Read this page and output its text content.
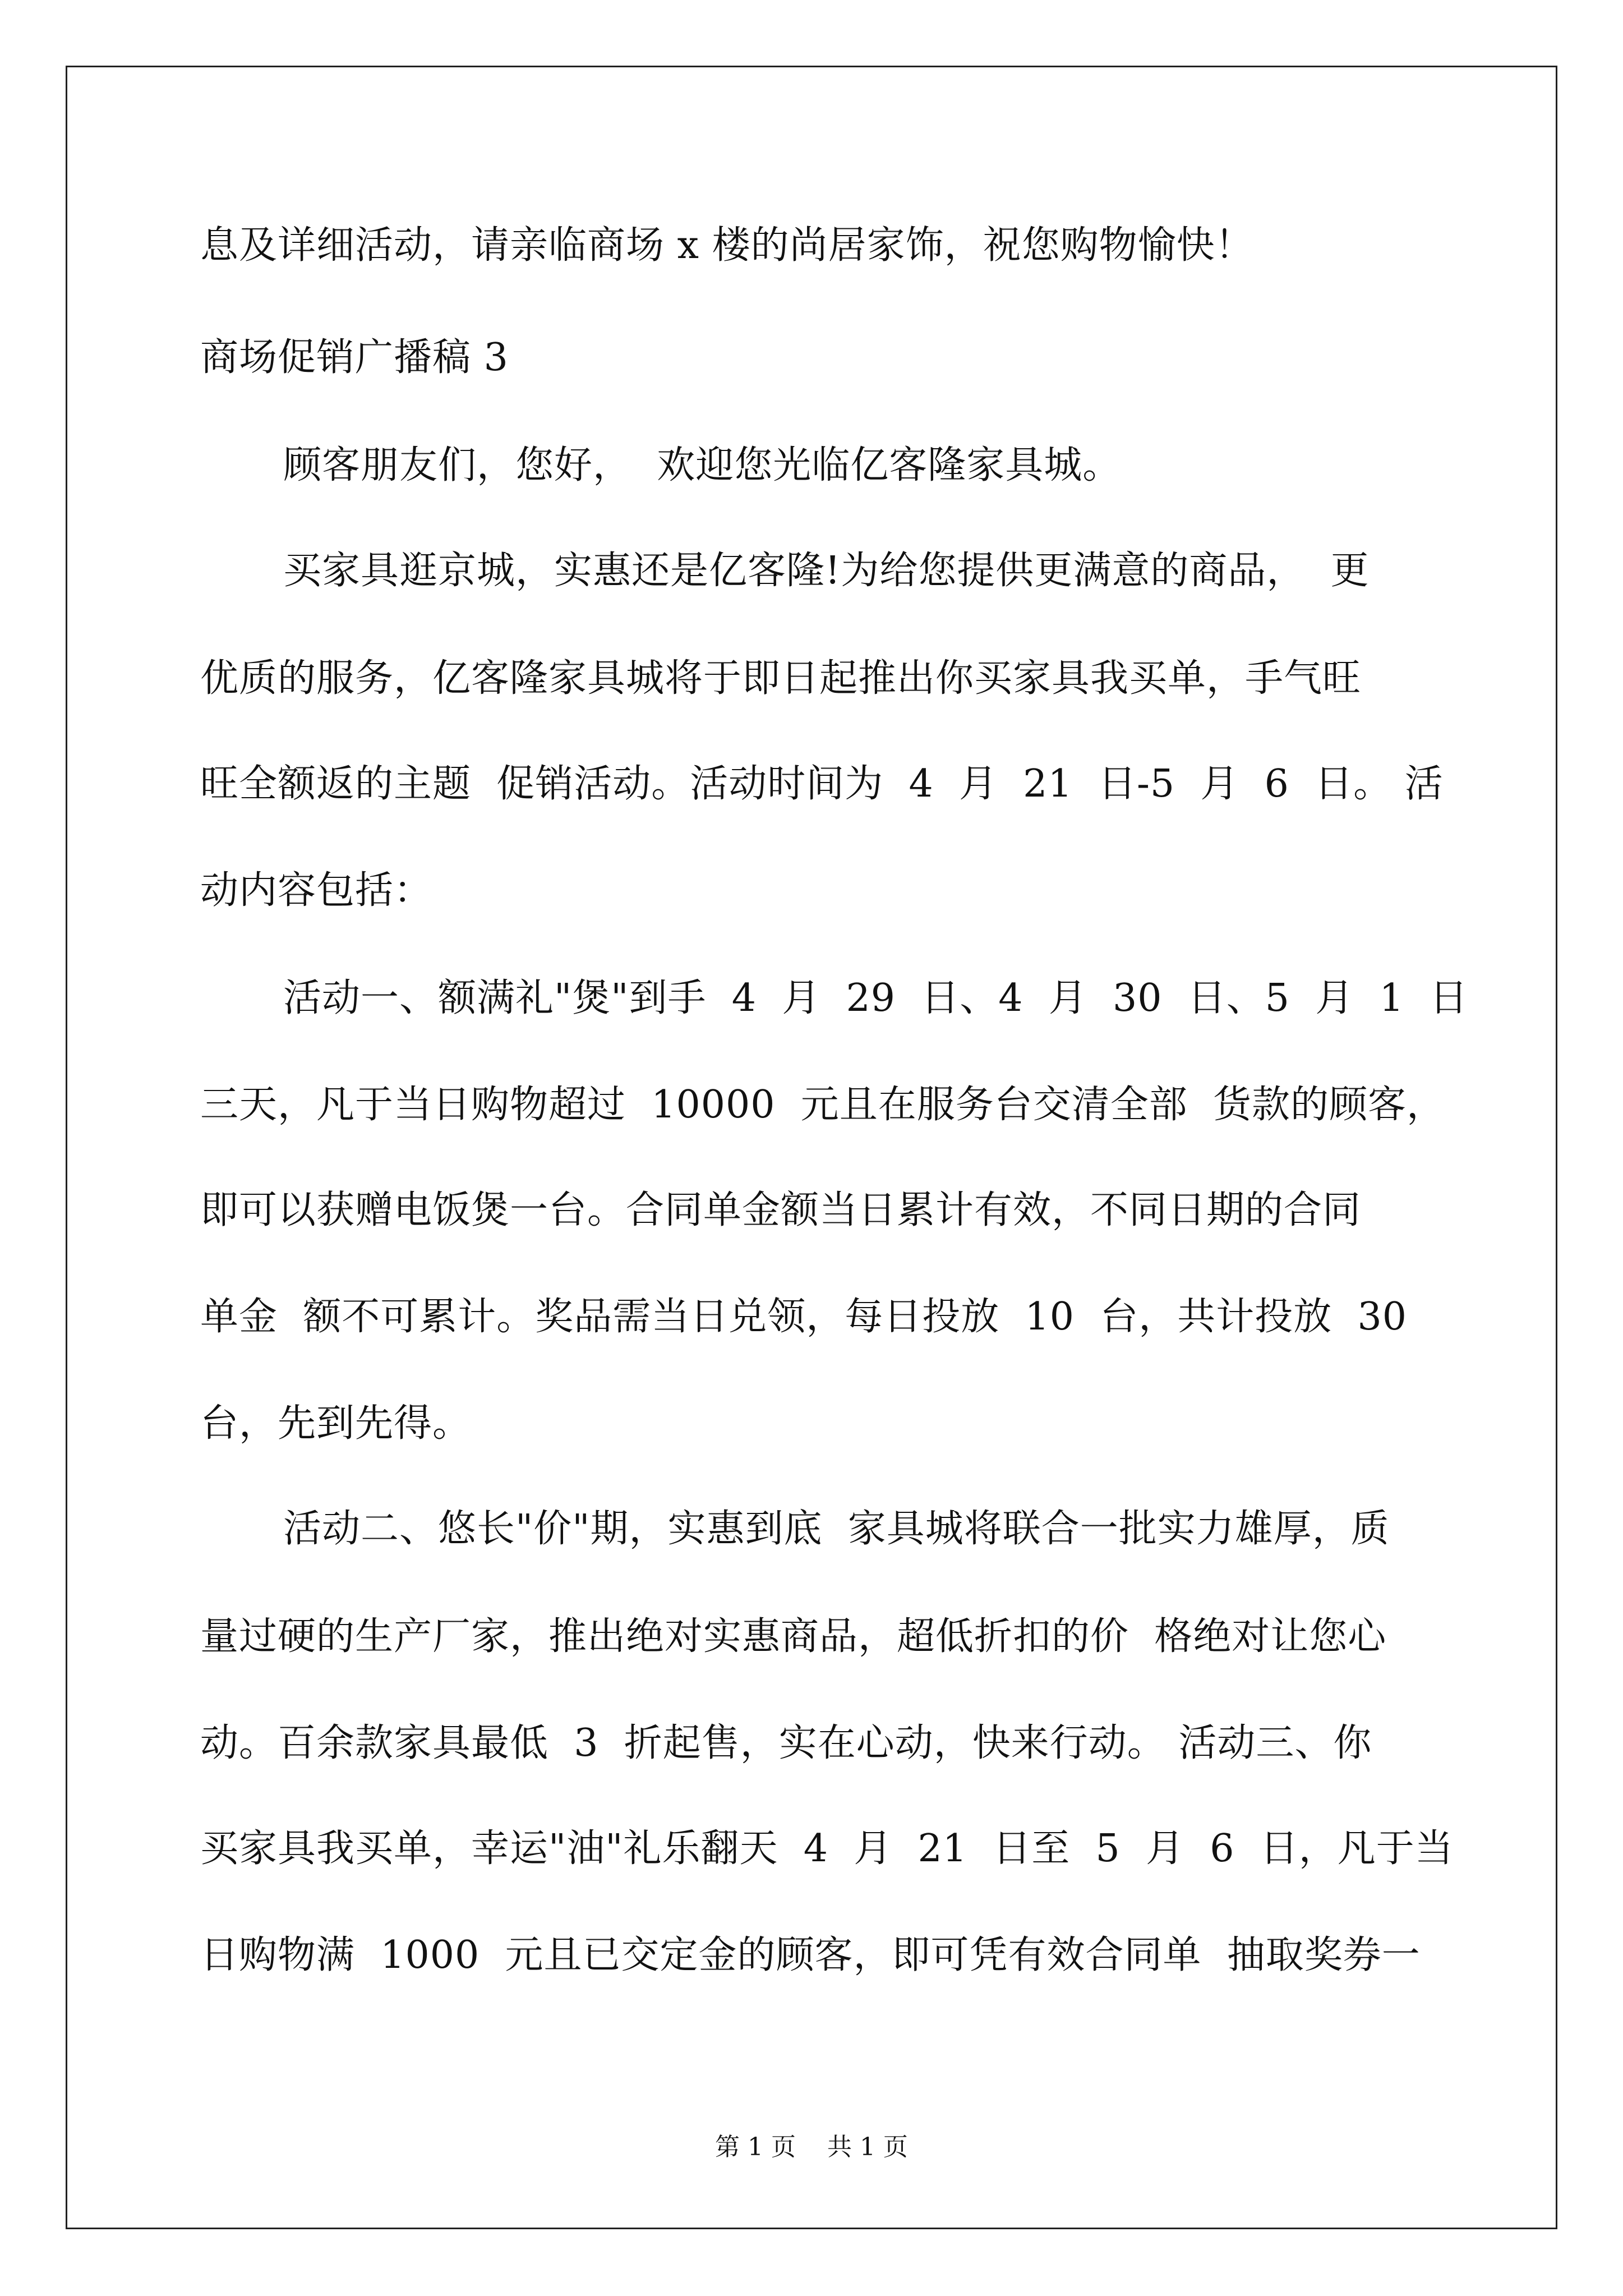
息及详细活动，请亲临商场 x 楼的尚居家饰，祝您购物愉快！
商场促销广播稿 3
顾客朋友们，您好，  欢迎您光临亿客隆家具城。
买家具逛京城，实惠还是亿客隆!为给您提供更满意的商品，  更
优质的服务，亿客隆家具城将于即日起推出你买家具我买单，手气旺
旺全额返的主题  促销活动。活动时间为  4  月  21  日-5  月  6  日。 活
动内容包括：
活动一、额满礼"煲"到手  4  月  29  日、4  月  30  日、5  月  1  日
三天，凡于当日购物超过  10000  元且在服务台交清全部  货款的顾客，
即可以获赠电饭煲一台。合同单金额当日累计有效，不同日期的合同
单金  额不可累计。奖品需当日兑领，每日投放  10  台，共计投放  30
台，先到先得。
活动二、悠长"价"期，实惠到底  家具城将联合一批实力雄厚，质
量过硬的生产厂家，推出绝对实惠商品，超低折扣的价  格绝对让您心
动。百余款家具最低  3  折起售，实在心动，快来行动。 活动三、你
买家具我买单，幸运"油"礼乐翻天  4  月  21  日至  5  月  6  日，凡于当
日购物满  1000  元且已交定金的顾客，即可凭有效合同单  抽取奖券一
第 1 页    共 1 页
